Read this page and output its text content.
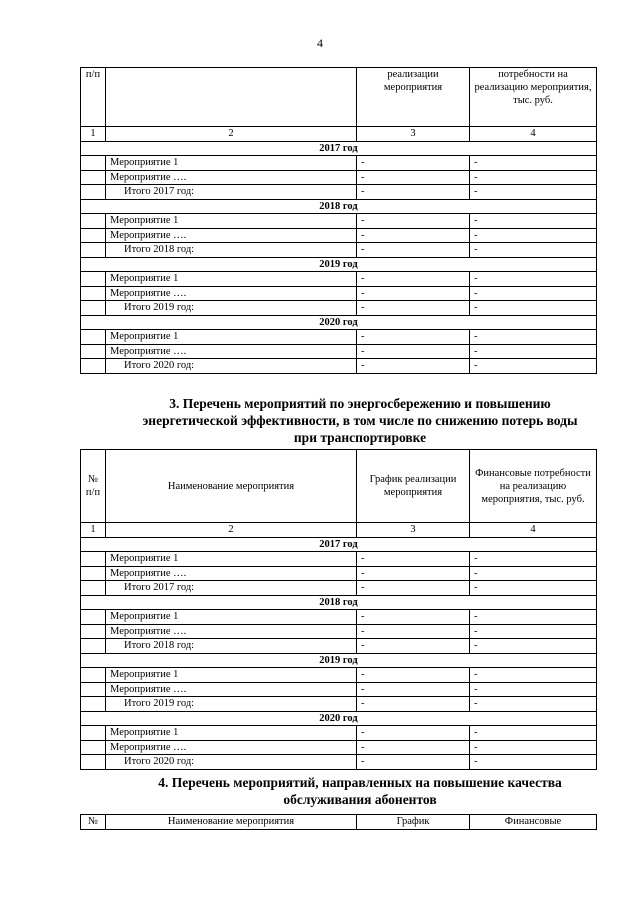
4
п/п		реализации мероприятия	потребности на реализацию мероприятия, тыс. руб.
1	2	3	4
2017 год			
	Мероприятие 1	-	-
	Мероприятие ….	-	-
	Итого 2017 год:	-	-
2018 год			
	Мероприятие 1	-	-
	Мероприятие ….	-	-
	Итого 2018 год:	-	-
2019 год			
	Мероприятие 1	-	-
	Мероприятие ….	-	-
	Итого 2019 год:	-	-
2020 год			
	Мероприятие 1	-	-
	Мероприятие ….	-	-
	Итого 2020 год:	-	-
3. Перечень мероприятий по энергосбережению и повышению
энергетической эффективности, в том числе по снижению потерь воды
при транспортировке
№ п/п	Наименование мероприятия	График реализации мероприятия	Финансовые потребности на реализацию мероприятия, тыс. руб.
1	2	3	4
2017 год			
	Мероприятие 1	-	-
	Мероприятие ….	-	-
	Итого 2017 год:	-	-
2018 год			
	Мероприятие 1	-	-
	Мероприятие ….	-	-
	Итого 2018 год:	-	-
2019 год			
	Мероприятие 1	-	-
	Мероприятие ….	-	-
	Итого 2019 год:	-	-
2020 год			
	Мероприятие 1	-	-
	Мероприятие ….	-	-
	Итого 2020 год:	-	-
4. Перечень мероприятий, направленных на повышение качества
обслуживания абонентов
№	Наименование мероприятия	График	Финансовые
